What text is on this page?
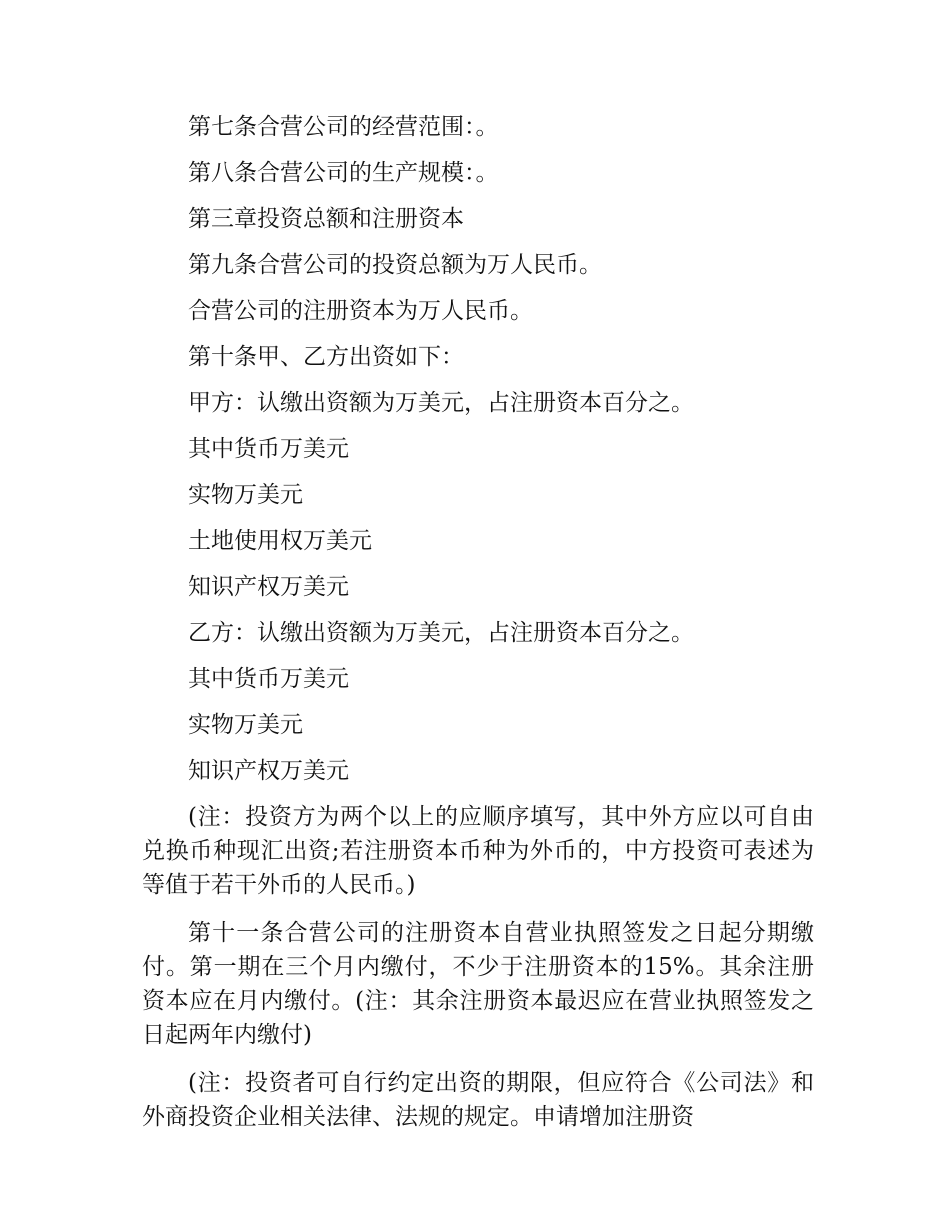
第七条合营公司的经营范围：。

第八条合营公司的生产规模：。

第三章投资总额和注册资本

第九条合营公司的投资总额为万人民币。

合营公司的注册资本为万人民币。

第十条甲、乙方出资如下：

甲方：认缴出资额为万美元，占注册资本百分之。

其中货币万美元

实物万美元

土地使用权万美元

知识产权万美元

乙方：认缴出资额为万美元，占注册资本百分之。

其中货币万美元

实物万美元

知识产权万美元

(注：投资方为两个以上的应顺序填写，其中外方应以可自由兑换币种现汇出资;若注册资本币种为外币的，中方投资可表述为等值于若干外币的人民币。)

第十一条合营公司的注册资本自营业执照签发之日起分期缴付。第一期在三个月内缴付，不少于注册资本的15%。其余注册资本应在月内缴付。(注：其余注册资本最迟应在营业执照签发之日起两年内缴付)

(注：投资者可自行约定出资的期限，但应符合《公司法》和外商投资企业相关法律、法规的规定。申请增加注册资
